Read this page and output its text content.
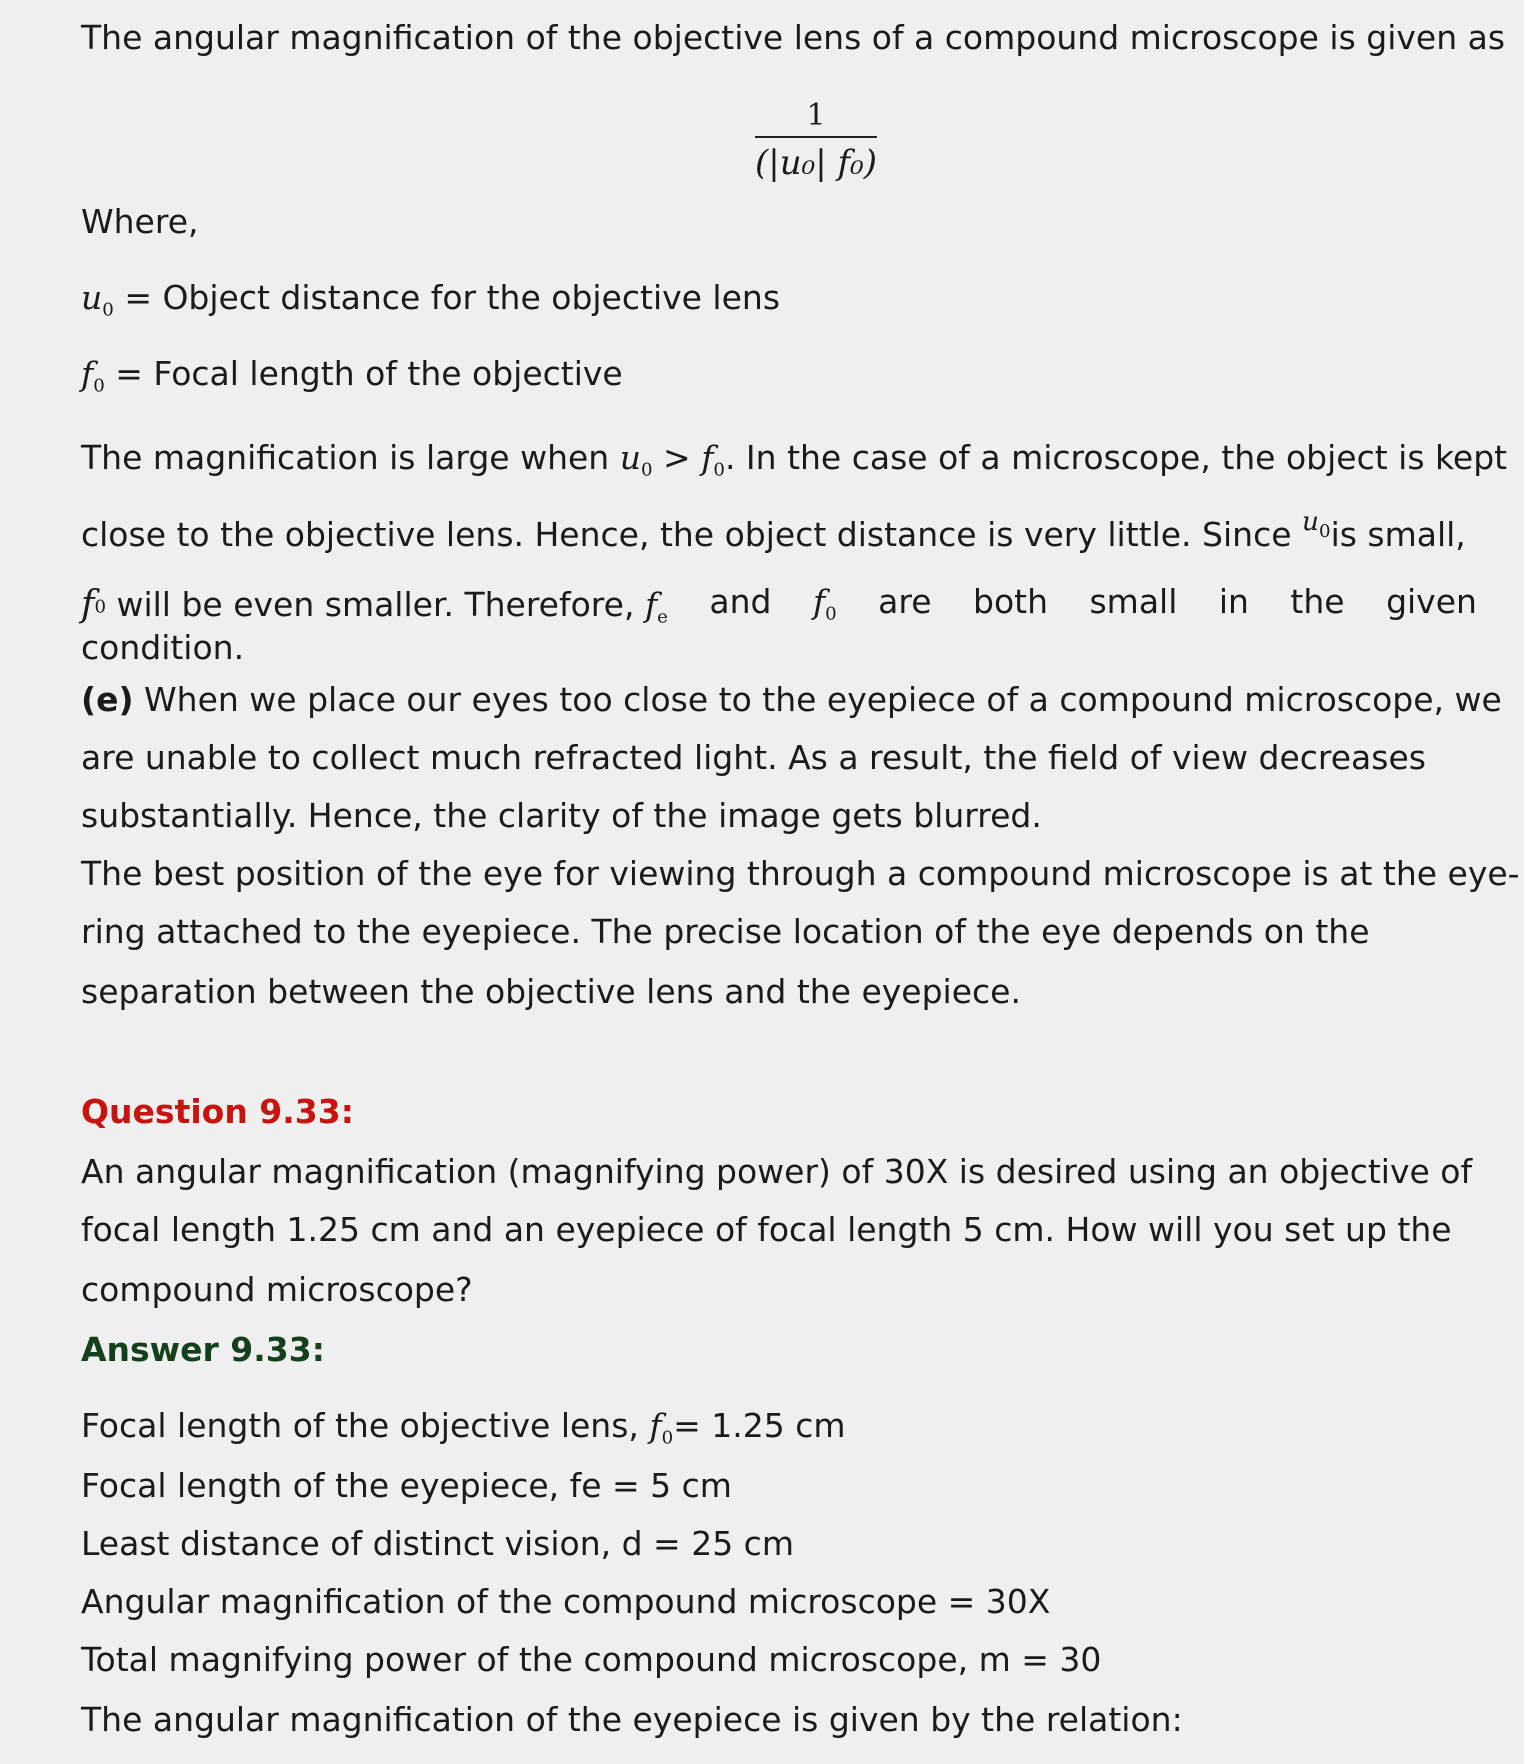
The angular magnification of the objective lens of a compound microscope is given as
1
(|u₀| f₀)
Where,
$u_0$ = Object distance for the objective lens
$f_0$ = Focal length of the objective
The magnification is large when $u_0 > f_0$. In the case of a microscope, the object is kept
close to the objective lens. Hence, the object distance is very little. Since $^{u0}$is small,
$f^0$ will be even smaller. Therefore, $f_e$ and $f_0$ are both small in the given
condition.
(e) When we place our eyes too close to the eyepiece of a compound microscope, we
are unable to collect much refracted light. As a result, the field of view decreases
substantially. Hence, the clarity of the image gets blurred.
The best position of the eye for viewing through a compound microscope is at the eye-
ring attached to the eyepiece. The precise location of the eye depends on the
separation between the objective lens and the eyepiece.
Question 9.33:
An angular magnification (magnifying power) of 30X is desired using an objective of
focal length 1.25 cm and an eyepiece of focal length 5 cm. How will you set up the
compound microscope?
Answer 9.33:
Focal length of the objective lens, $f_0= 1.25$ cm
Focal length of the eyepiece, fe = 5 cm
Least distance of distinct vision, d = 25 cm
Angular magnification of the compound microscope = 30X
Total magnifying power of the compound microscope, m = 30
The angular magnification of the eyepiece is given by the relation:
